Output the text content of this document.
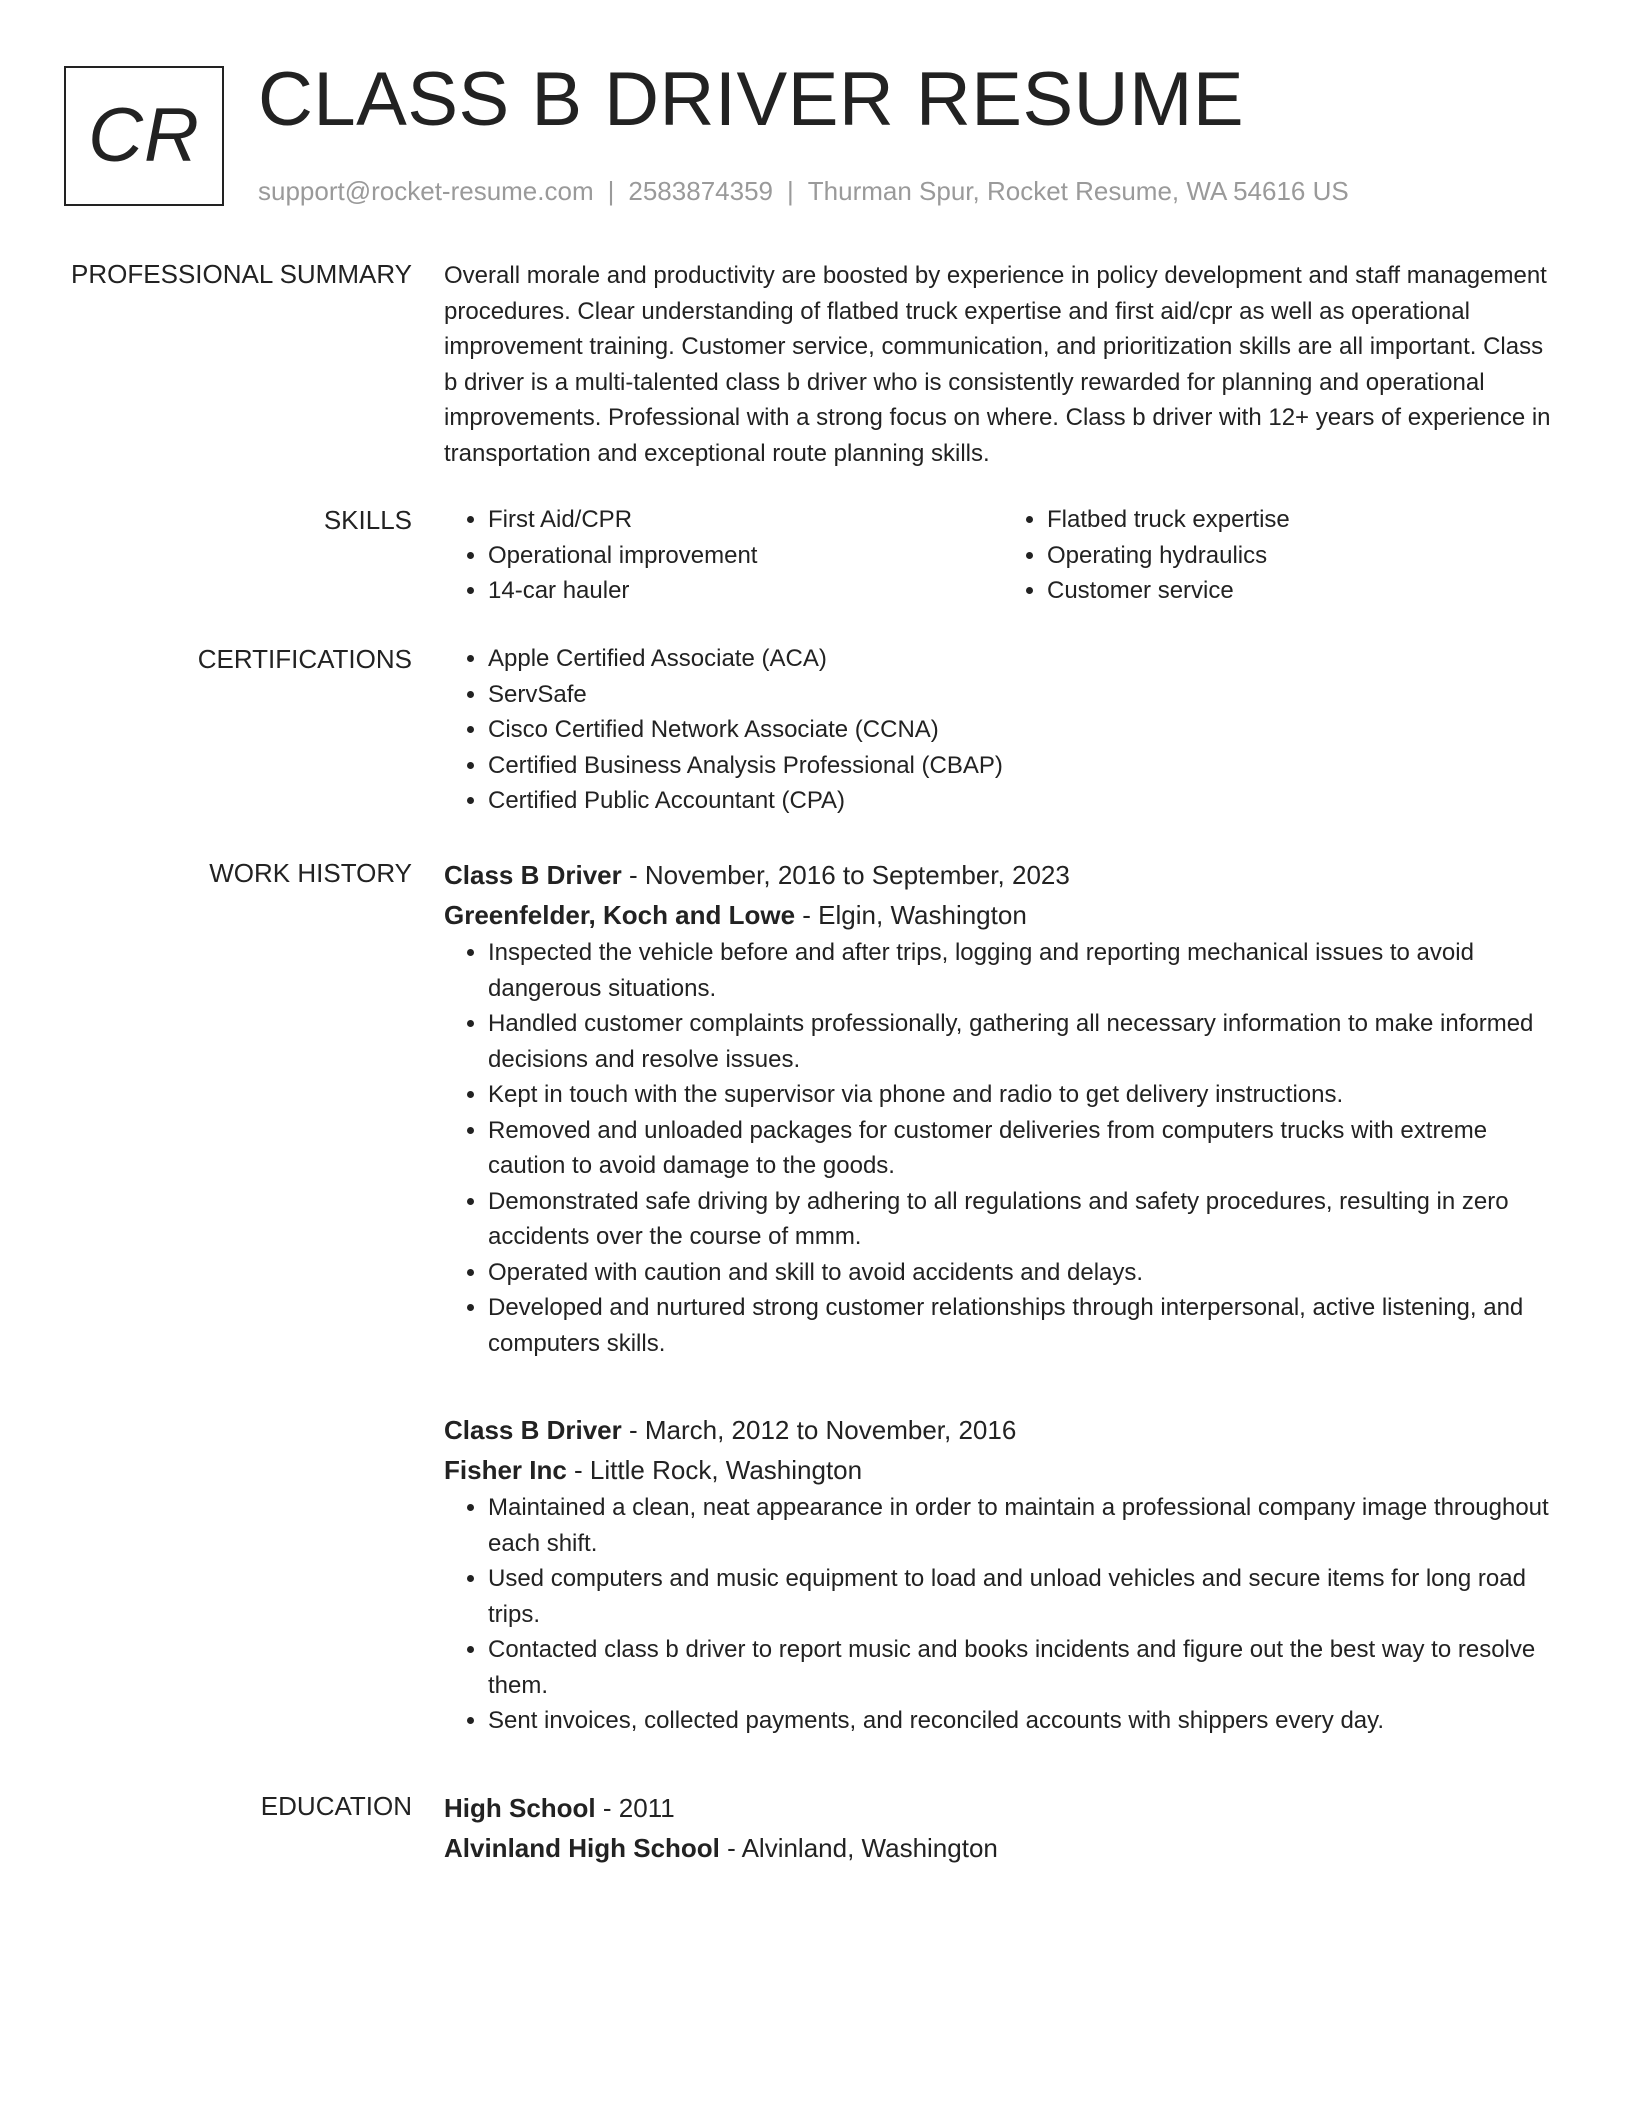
CR CLASS B DRIVER RESUME
support@rocket-resume.com | 2583874359 | Thurman Spur, Rocket Resume, WA 54616 US
PROFESSIONAL SUMMARY Overall morale and productivity are boosted by experience in policy development and staff management procedures. Clear understanding of flatbed truck expertise and first aid/cpr as well as operational improvement training. Customer service, communication, and prioritization skills are all important. Class b driver is a multi-talented class b driver who is consistently rewarded for planning and operational improvements. Professional with a strong focus on where. Class b driver with 12+ years of experience in transportation and exceptional route planning skills.

SKILLS	• First Aid/CPR
• Operational improvement
• 14-car hauler
• Flatbed truck expertise
• Operating hydraulics
• Customer service
CERTIFICATIONS	• Apple Certified Associate (ACA)
• ServSafe
• Cisco Certified Network Associate (CCNA)
• Certified Business Analysis Professional (CBAP)
• Certified Public Accountant (CPA)
WORK HISTORY Class B Driver - November, 2016 to September, 2023
Greenfelder, Koch and Lowe - Elgin, Washington
• Inspected the vehicle before and after trips, logging and reporting mechanical issues to avoid dangerous situations.
• Handled customer complaints professionally, gathering all necessary information to make informed decisions and resolve issues.
• Kept in touch with the supervisor via phone and radio to get delivery instructions.
• Removed and unloaded packages for customer deliveries from computers trucks with extreme caution to avoid damage to the goods.
• Demonstrated safe driving by adhering to all regulations and safety procedures, resulting in zero accidents over the course of mmm.
• Operated with caution and skill to avoid accidents and delays.
• Developed and nurtured strong customer relationships through interpersonal, active listening, and computers skills.
Class B Driver - March, 2012 to November, 2016
Fisher Inc - Little Rock, Washington
• Maintained a clean, neat appearance in order to maintain a professional company image throughout each shift.
• Used computers and music equipment to load and unload vehicles and secure items for long road trips.
• Contacted class b driver to report music and books incidents and figure out the best way to resolve them.
• Sent invoices, collected payments, and reconciled accounts with shippers every day.
EDUCATION High School - 2011
Alvinland High School - Alvinland, Washington
